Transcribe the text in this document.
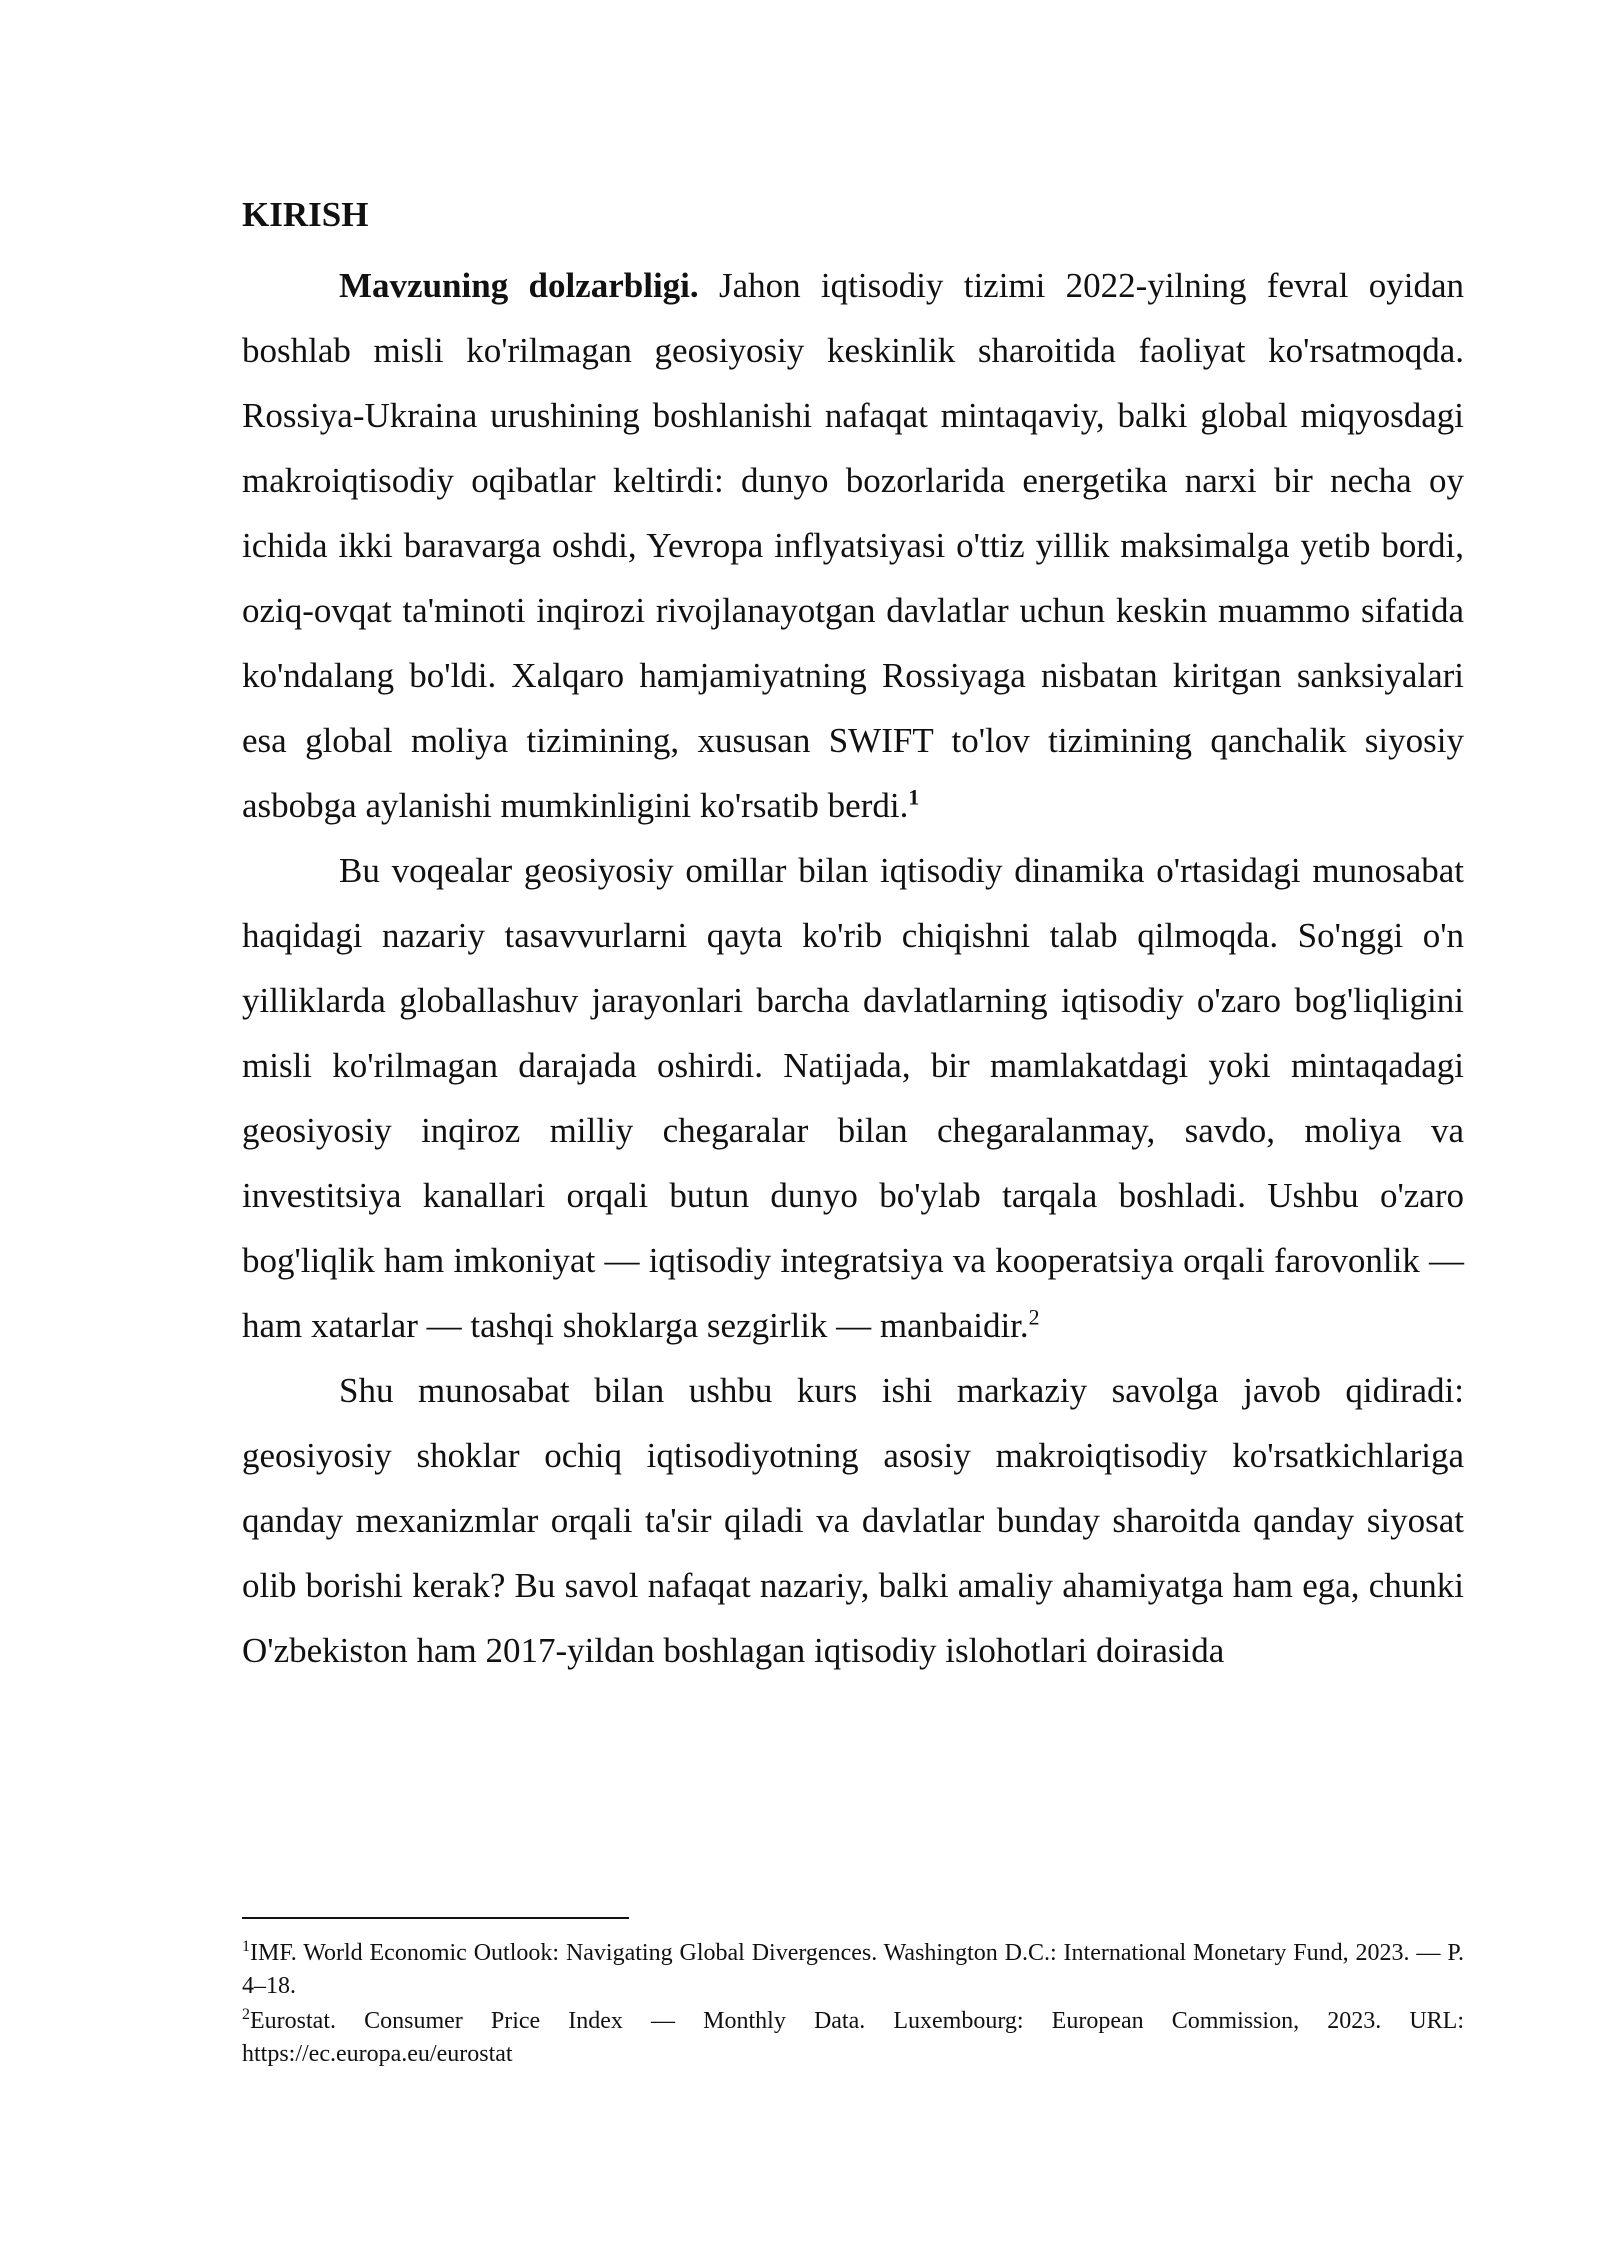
KIRISH

Mavzuning dolzarbligi. Jahon iqtisodiy tizimi 2022-yilning fevral oyidan boshlab misli ko'rilmagan geosiyosiy keskinlik sharoitida faoliyat ko'rsatmoqda. Rossiya-Ukraina urushining boshlanishi nafaqat mintaqaviy, balki global miqyosdagi makroiqtisodiy oqibatlar keltirdi: dunyo bozorlarida energetika narxi bir necha oy ichida ikki baravarga oshdi, Yevropa inflyatsiyasi o'ttiz yillik maksimalga yetib bordi, oziq-ovqat ta'minoti inqirozi rivojlanayotgan davlatlar uchun keskin muammo sifatida ko'ndalang bo'ldi. Xalqaro hamjamiyatning Rossiyaga nisbatan kiritgan sanksiyalari esa global moliya tizimining, xususan SWIFT to'lov tizimining qanchalik siyosiy asbobga aylanishi mumkinligini ko'rsatib berdi.$^1$

Bu voqealar geosiyosiy omillar bilan iqtisodiy dinamika o'rtasidagi munosabat haqidagi nazariy tasavvurlarni qayta ko'rib chiqishni talab qilmoqda. So'nggi o'n yilliklarda globallashuv jarayonlari barcha davlatlarning iqtisodiy o'zaro bog'liqligini misli ko'rilmagan darajada oshirdi. Natijada, bir mamlakatdagi yoki mintaqadagi geosiyosiy inqiroz milliy chegaralar bilan chegaralanmay, savdo, moliya va investitsiya kanallari orqali butun dunyo bo'ylab tarqala boshladi. Ushbu o'zaro bog'liqlik ham imkoniyat — iqtisodiy integratsiya va kooperatsiya orqali farovonlik — ham xatarlar — tashqi shoklarga sezgirlik — manbaidir.$^2$

Shu munosabat bilan ushbu kurs ishi markaziy savolga javob qidiradi: geosiyosiy shoklar ochiq iqtisodiyotning asosiy makroiqtisodiy ko'rsatkichlariga qanday mexanizmlar orqali ta'sir qiladi va davlatlar bunday sharoitda qanday siyosat olib borishi kerak? Bu savol nafaqat nazariy, balki amaliy ahamiyatga ham ega, chunki O'zbekiston ham 2017-yildan boshlagan iqtisodiy islohotlari doirasida

$^1$IMF. World Economic Outlook: Navigating Global Divergences. Washington D.C.: International Monetary Fund, 2023. — P. 4–18.

$^2$Eurostat. Consumer Price Index — Monthly Data. Luxembourg: European Commission, 2023. URL: https://ec.europa.eu/eurostat
